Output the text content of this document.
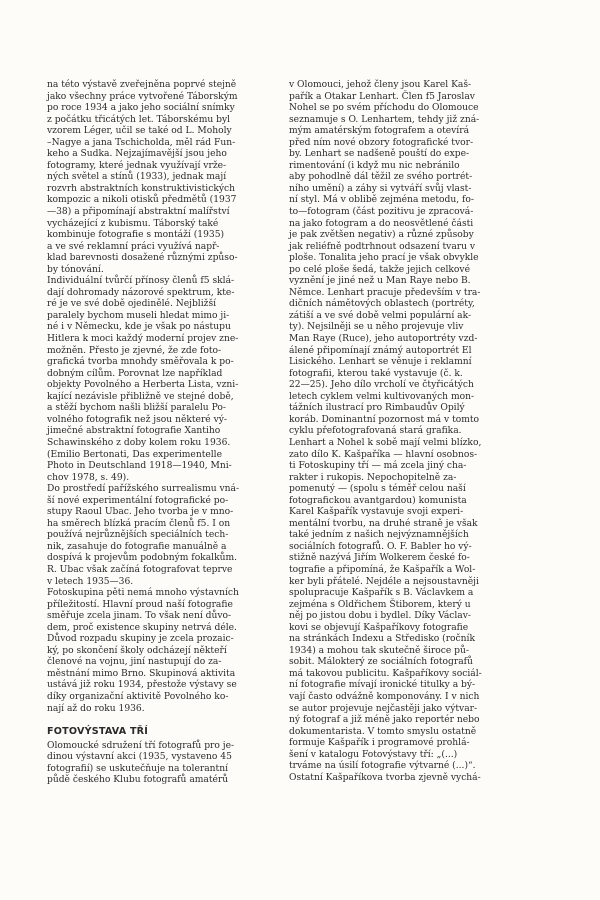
na této výstavě zveřejněna poprvé stejně
jako všechny práce vytvořené Táborským
po roce 1934 a jako jeho sociální snímky
z počátku třicátých let. Táborskému byl
vzorem Léger, učil se také od L. Moholy
–Nagye a jana Tschicholda, měl rád Fun-
keho a Sudka. Nejzajímavější jsou jeho
fotogramy, které jednak využívají vrže-
ných světel a stínů (1933), jednak mají
rozvrh abstraktních konstruktivistických
kompozic a nikoli otisků předmětů (1937
—38) a připomínají abstraktní malířství
vycházející z kubismu. Táborský také
kombinuje fotografie s montáží (1935)
a ve své reklamní práci využívá např-
klad barevnosti dosažené různými způso-
by tónování.

Individuální tvůrčí přínosy členů f5 sklá-
dají dohromady názorové spektrum, kte-
ré je ve své době ojedinělé. Nejbližší
paralely bychom museli hledat mimo ji-
né i v Německu, kde je však po nástupu
Hitlera k moci každý moderní projev zne-
možněn. Přesto je zjevné, že zde foto-
grafická tvorba mnohdy směřovala k po-
dobným cílům. Porovnat lze například
objekty Povolného a Herberta Lista, vzni-
kající nezávisle přibližně ve stejné době,
a stěží bychom našli bližší paralelu Po-
volného fotografik než jsou některé vý-
jimečné abstraktní fotografie Xantiho
Schawinského z doby kolem roku 1936.
(Emilio Bertonati, Das experimentelle
Photo in Deutschland 1918—1940, Mni-
chov 1978, s. 49).

Do prostředí pařížského surrealismu vná-
ší nové experimentální fotografické po-
stupy Raoul Ubac. Jeho tvorba je v mno-
ha směrech blízká pracím členů f5. I on
používá nejrůznějších speciálních tech-
nik, zasahuje do fotografie manuálně a
dospívá k projevům podobným fokalkům.
R. Ubac však začíná fotografovat teprve
v letech 1935—36.

Fotoskupina pěti nemá mnoho výstavních
příležitostí. Hlavní proud naší fotografie
směřuje zcela jinam. To však není důvo-
dem, proč existence skupiny netrvá déle.
Důvod rozpadu skupiny je zcela prozaic-
ký, po skončení školy odcházejí někteří
členové na vojnu, jiní nastupují do za-
městnání mimo Brno. Skupinová aktivita
ustává již roku 1934, přestože výstavy se
díky organizační aktivitě Povolného ko-
nají až do roku 1936.

FOTOVÝSTAVA TŘÍ

Olomoucké sdružení tří fotografů pro je-
dinou výstavní akci (1935, vystaveno 45
fotografií) se uskutečňuje na tolerantní
půdě českého Klubu fotografů amatérů

v Olomouci, jehož členy jsou Karel Kaš-
pařík a Otakar Lenhart. Člen f5 Jaroslav
Nohel se po svém příchodu do Olomouce
seznamuje s O. Lenhartem, tehdy již zná-
mým amatérským fotografem a otevírá
před ním nové obzory fotografické tvor-
by. Lenhart se nadšeně pouští do expe-
rimentování (i když mu nic nebránilo
aby pohodlně dál těžil ze svého portrét-
ního umění) a záhy si vytváří svůj vlast-
ní styl. Má v oblibě zejména metodu, fo-
to—fotogram (část pozitivu je zpracová-
na jako fotogram a do neosvětlené části
je pak zvětšen negativ) a různé způsoby
jak reliéfně podtrhnout odsazení tvaru v
ploše. Tonalita jeho prací je však obvykle
po celé ploše šedá, takže jejich celkové
vyznění je jiné než u Man Raye nebo B.
Němce. Lenhart pracuje především v tra-
dičních námětových oblastech (portréty,
zátiší a ve své době velmi populární ak-
ty). Nejsilněji se u něho projevuje vliv
Man Raye (Ruce), jeho autoportréty vzd-
álené připomínají známý autoportrét El
Lisického. Lenhart se věnuje i reklamní
fotografii, kterou také vystavuje (č. k.
22—25). Jeho dílo vrcholí ve čtyřicátých
letech cyklem velmi kultivovaných mon-
tážních ilustrací pro Rimbaudův Opilý
koráb. Dominantní pozornost má v tomto
cyklu přefotografovaná stará grafika.

Lenhart a Nohel k sobě mají velmi blízko,
zato dílo K. Kašpaříka — hlavní osobnos-
ti Fotoskupiny tří — má zcela jiný cha-
rakter i rukopis. Nepochopitelně za-
pomenutý — (spolu s téměř celou naší
fotografickou avantgardou) komunista
Karel Kašpařík vystavuje svoji experi-
mentální tvorbu, na druhé straně je však
také jedním z našich nejvýznamnějších
sociálních fotografů. O. F. Babler ho vý-
stižně nazývá Jiřím Wolkerem české fo-
tografie a připomíná, že Kašpařík a Wol-
ker byli přátelé. Nejdéle a nejsoustavněji
spolupracuje Kašpařík s B. Václavkem a
zejména s Oldřichem Štiborem, který u
něj po jistou dobu i bydlel. Díky Václav-
kovi se objevují Kašpaříkovy fotografie
na stránkách Indexu a Středisko (ročník
1934) a mohou tak skutečně široce pů-
sobit. Málokterý ze sociálních fotografů
má takovou publicitu. Kašpaříkovy sociál-
ní fotografie mívají ironické titulky a bý-
vají často odvážně komponovány. I v nich
se autor projevuje nejčastěji jako výtvar-
ný fotograf a již méně jako reportér nebo
dokumentarista. V tomto smyslu ostatně
formuje Kašpařík i programové prohlá-
šení v katalogu Fotovýstavy tří: „(...)
trváme na úsilí fotografie výtvarné (...)“.
Ostatní Kašpaříkova tvorba zjevně vychá-
